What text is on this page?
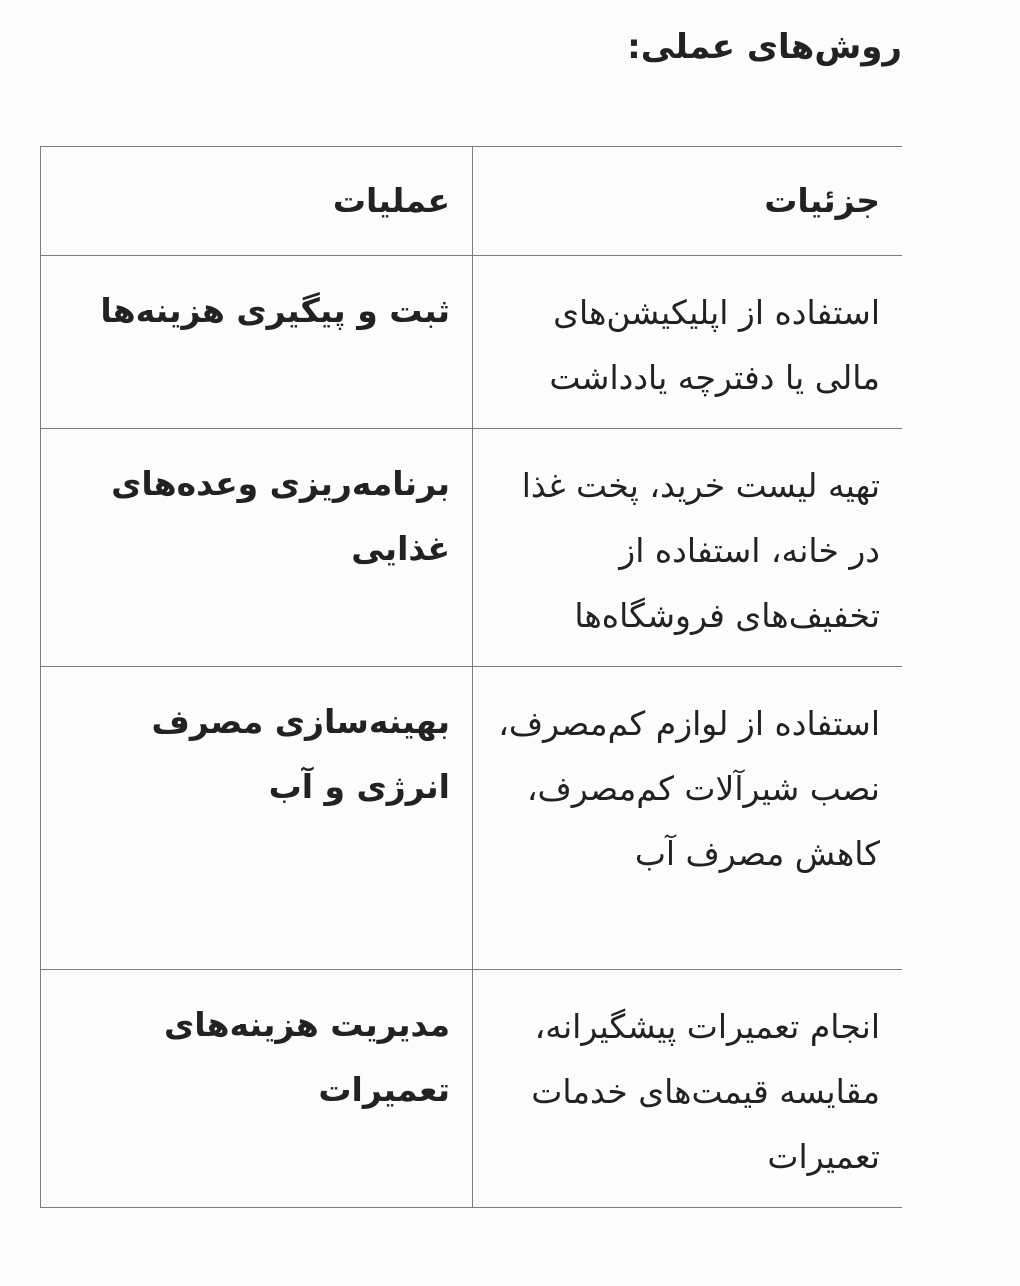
روش‌های عملی:
جزئیات	عملیات
استفاده از اپلیکیشن‌های مالی یا دفترچه یادداشت	ثبت و پیگیری هزینه‌ها
تهیه لیست خرید، پخت غذا در خانه، استفاده از تخفیف‌های فروشگاه‌ها	برنامه‌ریزی وعده‌های غذایی
استفاده از لوازم کم‌مصرف، نصب شیرآلات کم‌مصرف، کاهش مصرف آب	بهینه‌سازی مصرف انرژی و آب
انجام تعمیرات پیشگیرانه، مقایسه قیمت‌های خدمات تعمیرات	مدیریت هزینه‌های تعمیرات
